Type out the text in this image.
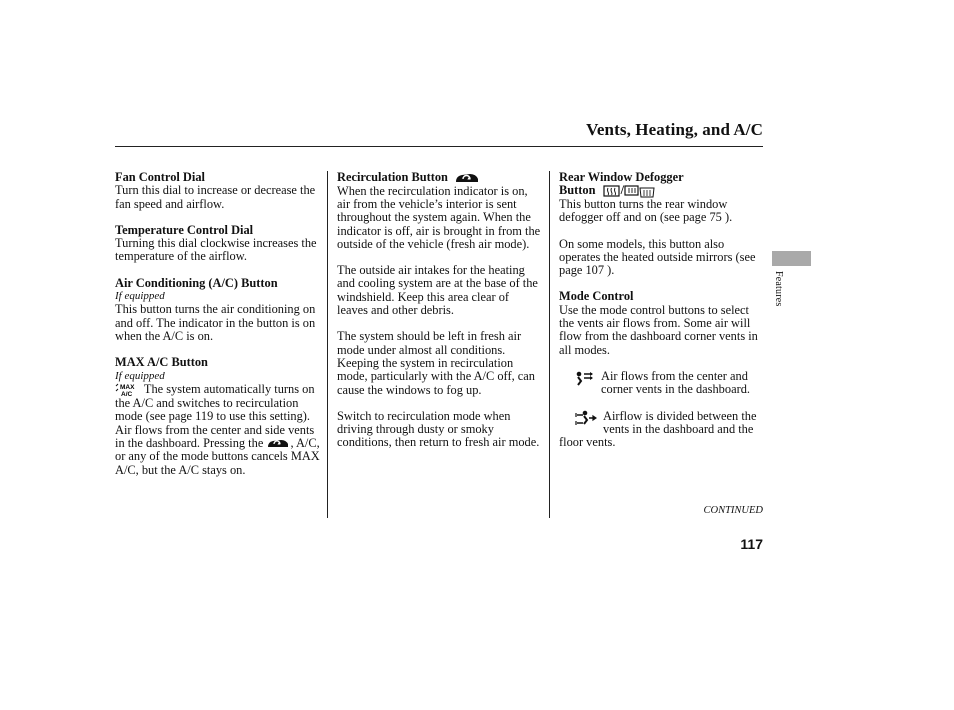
Vents, Heating, and A/C
Fan Control Dial

Turn this dial to increase or decrease the fan speed and airflow.

Temperature Control Dial

Turning this dial clockwise increases the temperature of the airflow.

Air Conditioning (A/C) Button
If equipped

This button turns the air conditioning on and off. The indicator in the button is on when the A/C is on.

MAX A/C Button
If equipped

MAX
A/C The system automatically turns on the A/C and switches to recirculation mode (see page 119 to use this setting). Air flows from the center and side vents in the dashboard. Pressing the , A/C, or any of the mode buttons cancels MAX A/C, but the A/C stays on.

Recirculation Button

When the recirculation indicator is on, air from the vehicle’s interior is sent throughout the system again. When the indicator is off, air is brought in from the outside of the vehicle (fresh air mode).

The outside air intakes for the heating and cooling system are at the base of the windshield. Keep this area clear of leaves and other debris.

The system should be left in fresh air mode under almost all conditions. Keeping the system in recirculation mode, particularly with the A/C off, can cause the windows to fog up.

Switch to recirculation mode when driving through dusty or smoky conditions, then return to fresh air mode.

Rear Window Defogger
Button /

This button turns the rear window defogger off and on (see page 75 ).

On some models, this button also operates the heated outside mirrors (see page 107 ).

Mode Control

Use the mode control buttons to select the vents air flows from. Some air will flow from the dashboard corner vents in all modes.

Air flows from the center and corner vents in the dashboard.

Airflow is divided between the vents in the dashboard and the floor vents.

Features
CONTINUED
117
